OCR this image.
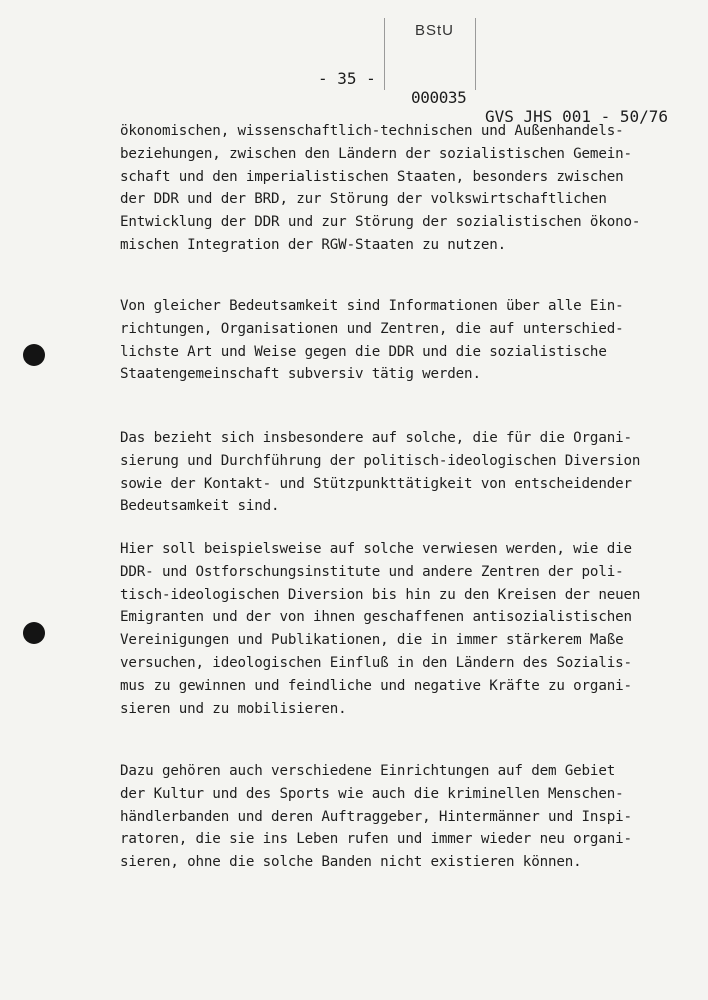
BStU

- 35 -

000035

GVS JHS 001 - 50/76

ökonomischen, wissenschaftlich-technischen und Außenhandels-
beziehungen, zwischen den Ländern der sozialistischen Gemein-
schaft und den imperialistischen Staaten, besonders zwischen
der DDR und der BRD, zur Störung der volkswirtschaftlichen
Entwicklung der DDR und zur Störung der sozialistischen ökono-
mischen Integration der RGW-Staaten zu nutzen.
Von gleicher Bedeutsamkeit sind Informationen über alle Ein-
richtungen, Organisationen und Zentren, die auf unterschied-
lichste Art und Weise gegen die DDR und die sozialistische
Staatengemeinschaft subversiv tätig werden.
Das bezieht sich insbesondere auf solche, die für die Organi-
sierung und Durchführung der politisch-ideologischen Diversion
sowie der Kontakt- und Stützpunkttätigkeit von entscheidender
Bedeutsamkeit sind.
Hier soll beispielsweise auf solche verwiesen werden, wie die
DDR- und Ostforschungsinstitute und andere Zentren der poli-
tisch-ideologischen Diversion bis hin zu den Kreisen der neuen
Emigranten und der von ihnen geschaffenen antisozialistischen
Vereinigungen und Publikationen, die in immer stärkerem Maße
versuchen, ideologischen Einfluß in den Ländern des Sozialis-
mus zu gewinnen und feindliche und negative Kräfte zu organi-
sieren und zu mobilisieren.
Dazu gehören auch verschiedene Einrichtungen auf dem Gebiet
der Kultur und des Sports wie auch die kriminellen Menschen-
händlerbanden und deren Auftraggeber, Hintermänner und Inspi-
ratoren, die sie ins Leben rufen und immer wieder neu organi-
sieren, ohne die solche Banden nicht existieren können.
